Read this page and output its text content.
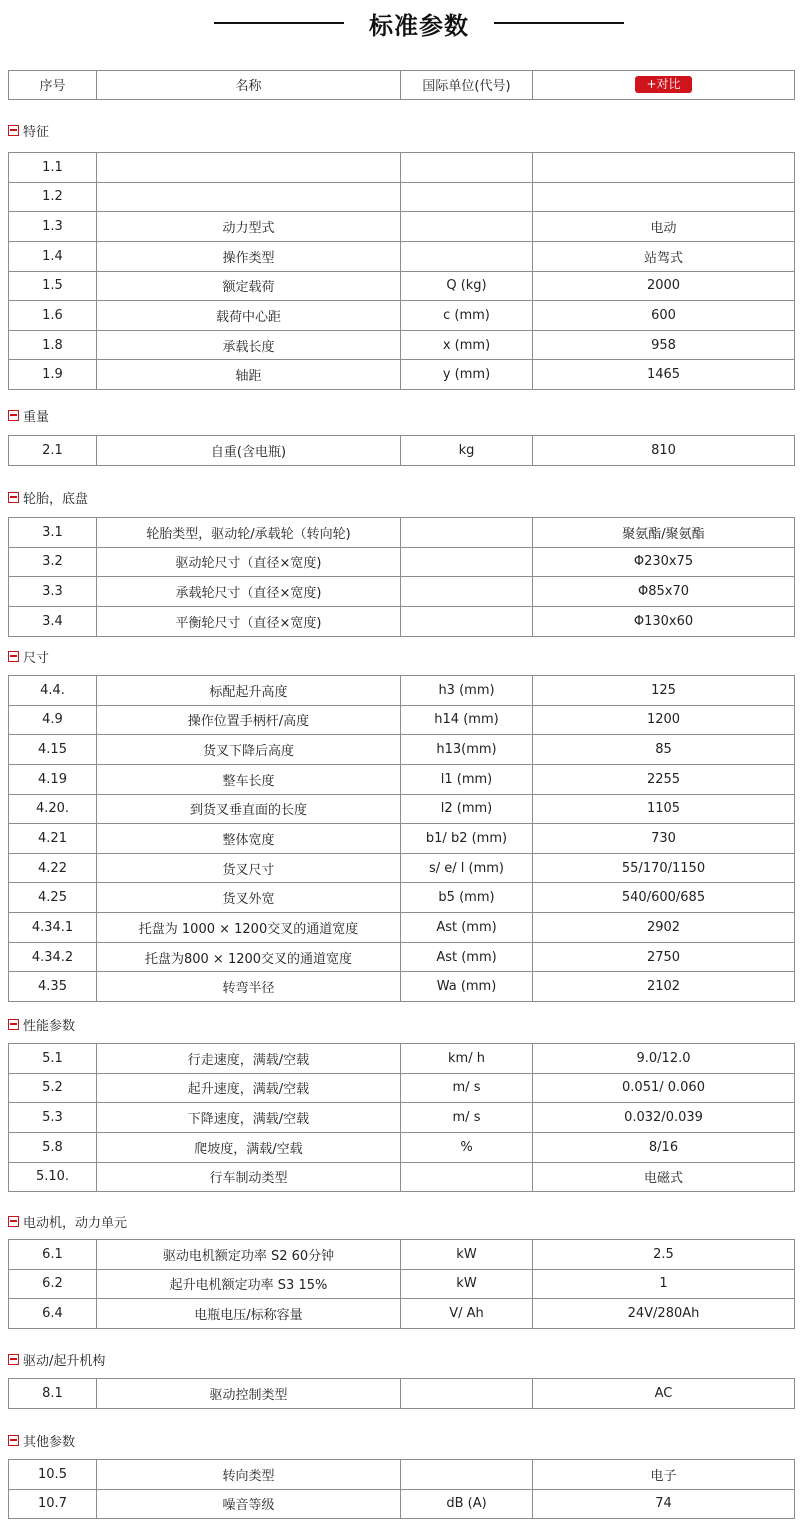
标准参数
序号	名称	国际单位(代号)	+对比
特征
1.1			
1.2			
1.3	动力型式		电动
1.4	操作类型		站驾式
1.5	额定载荷	Q (kg)	2000
1.6	载荷中心距	c (mm)	600
1.8	承载长度	x (mm)	958
1.9	轴距	y (mm)	1465
重量
2.1	自重(含电瓶)	kg	810
轮胎，底盘
3.1	轮胎类型，驱动轮/承载轮（转向轮)		聚氨酯/聚氨酯
3.2	驱动轮尺寸（直径×宽度)		Φ230x75
3.3	承载轮尺寸（直径×宽度)		Φ85x70
3.4	平衡轮尺寸（直径×宽度)		Φ130x60
尺寸
4.4.	标配起升高度	h3 (mm)	125
4.9	操作位置手柄杆/高度	h14 (mm)	1200
4.15	货叉下降后高度	h13(mm)	85
4.19	整车长度	l1 (mm)	2255
4.20.	到货叉垂直面的长度	l2 (mm)	1105
4.21	整体宽度	b1/ b2 (mm)	730
4.22	货叉尺寸	s/ e/ l (mm)	55/170/1150
4.25	货叉外宽	b5 (mm)	540/600/685
4.34.1	托盘为 1000 × 1200交叉的通道宽度	Ast (mm)	2902
4.34.2	托盘为800 × 1200交叉的通道宽度	Ast (mm)	2750
4.35	转弯半径	Wa (mm)	2102
性能参数
5.1	行走速度，满载/空载	km/ h	9.0/12.0
5.2	起升速度，满载/空载	m/ s	0.051/ 0.060
5.3	下降速度，满载/空载	m/ s	0.032/0.039
5.8	爬坡度，满载/空载	%	8/16
5.10.	行车制动类型		电磁式
电动机，动力单元
6.1	驱动电机额定功率 S2 60分钟	kW	2.5
6.2	起升电机额定功率 S3 15%	kW	1
6.4	电瓶电压/标称容量	V/ Ah	24V/280Ah
驱动/起升机构
8.1	驱动控制类型		AC
其他参数
10.5	转向类型		电子
10.7	噪音等级	dB (A)	74
